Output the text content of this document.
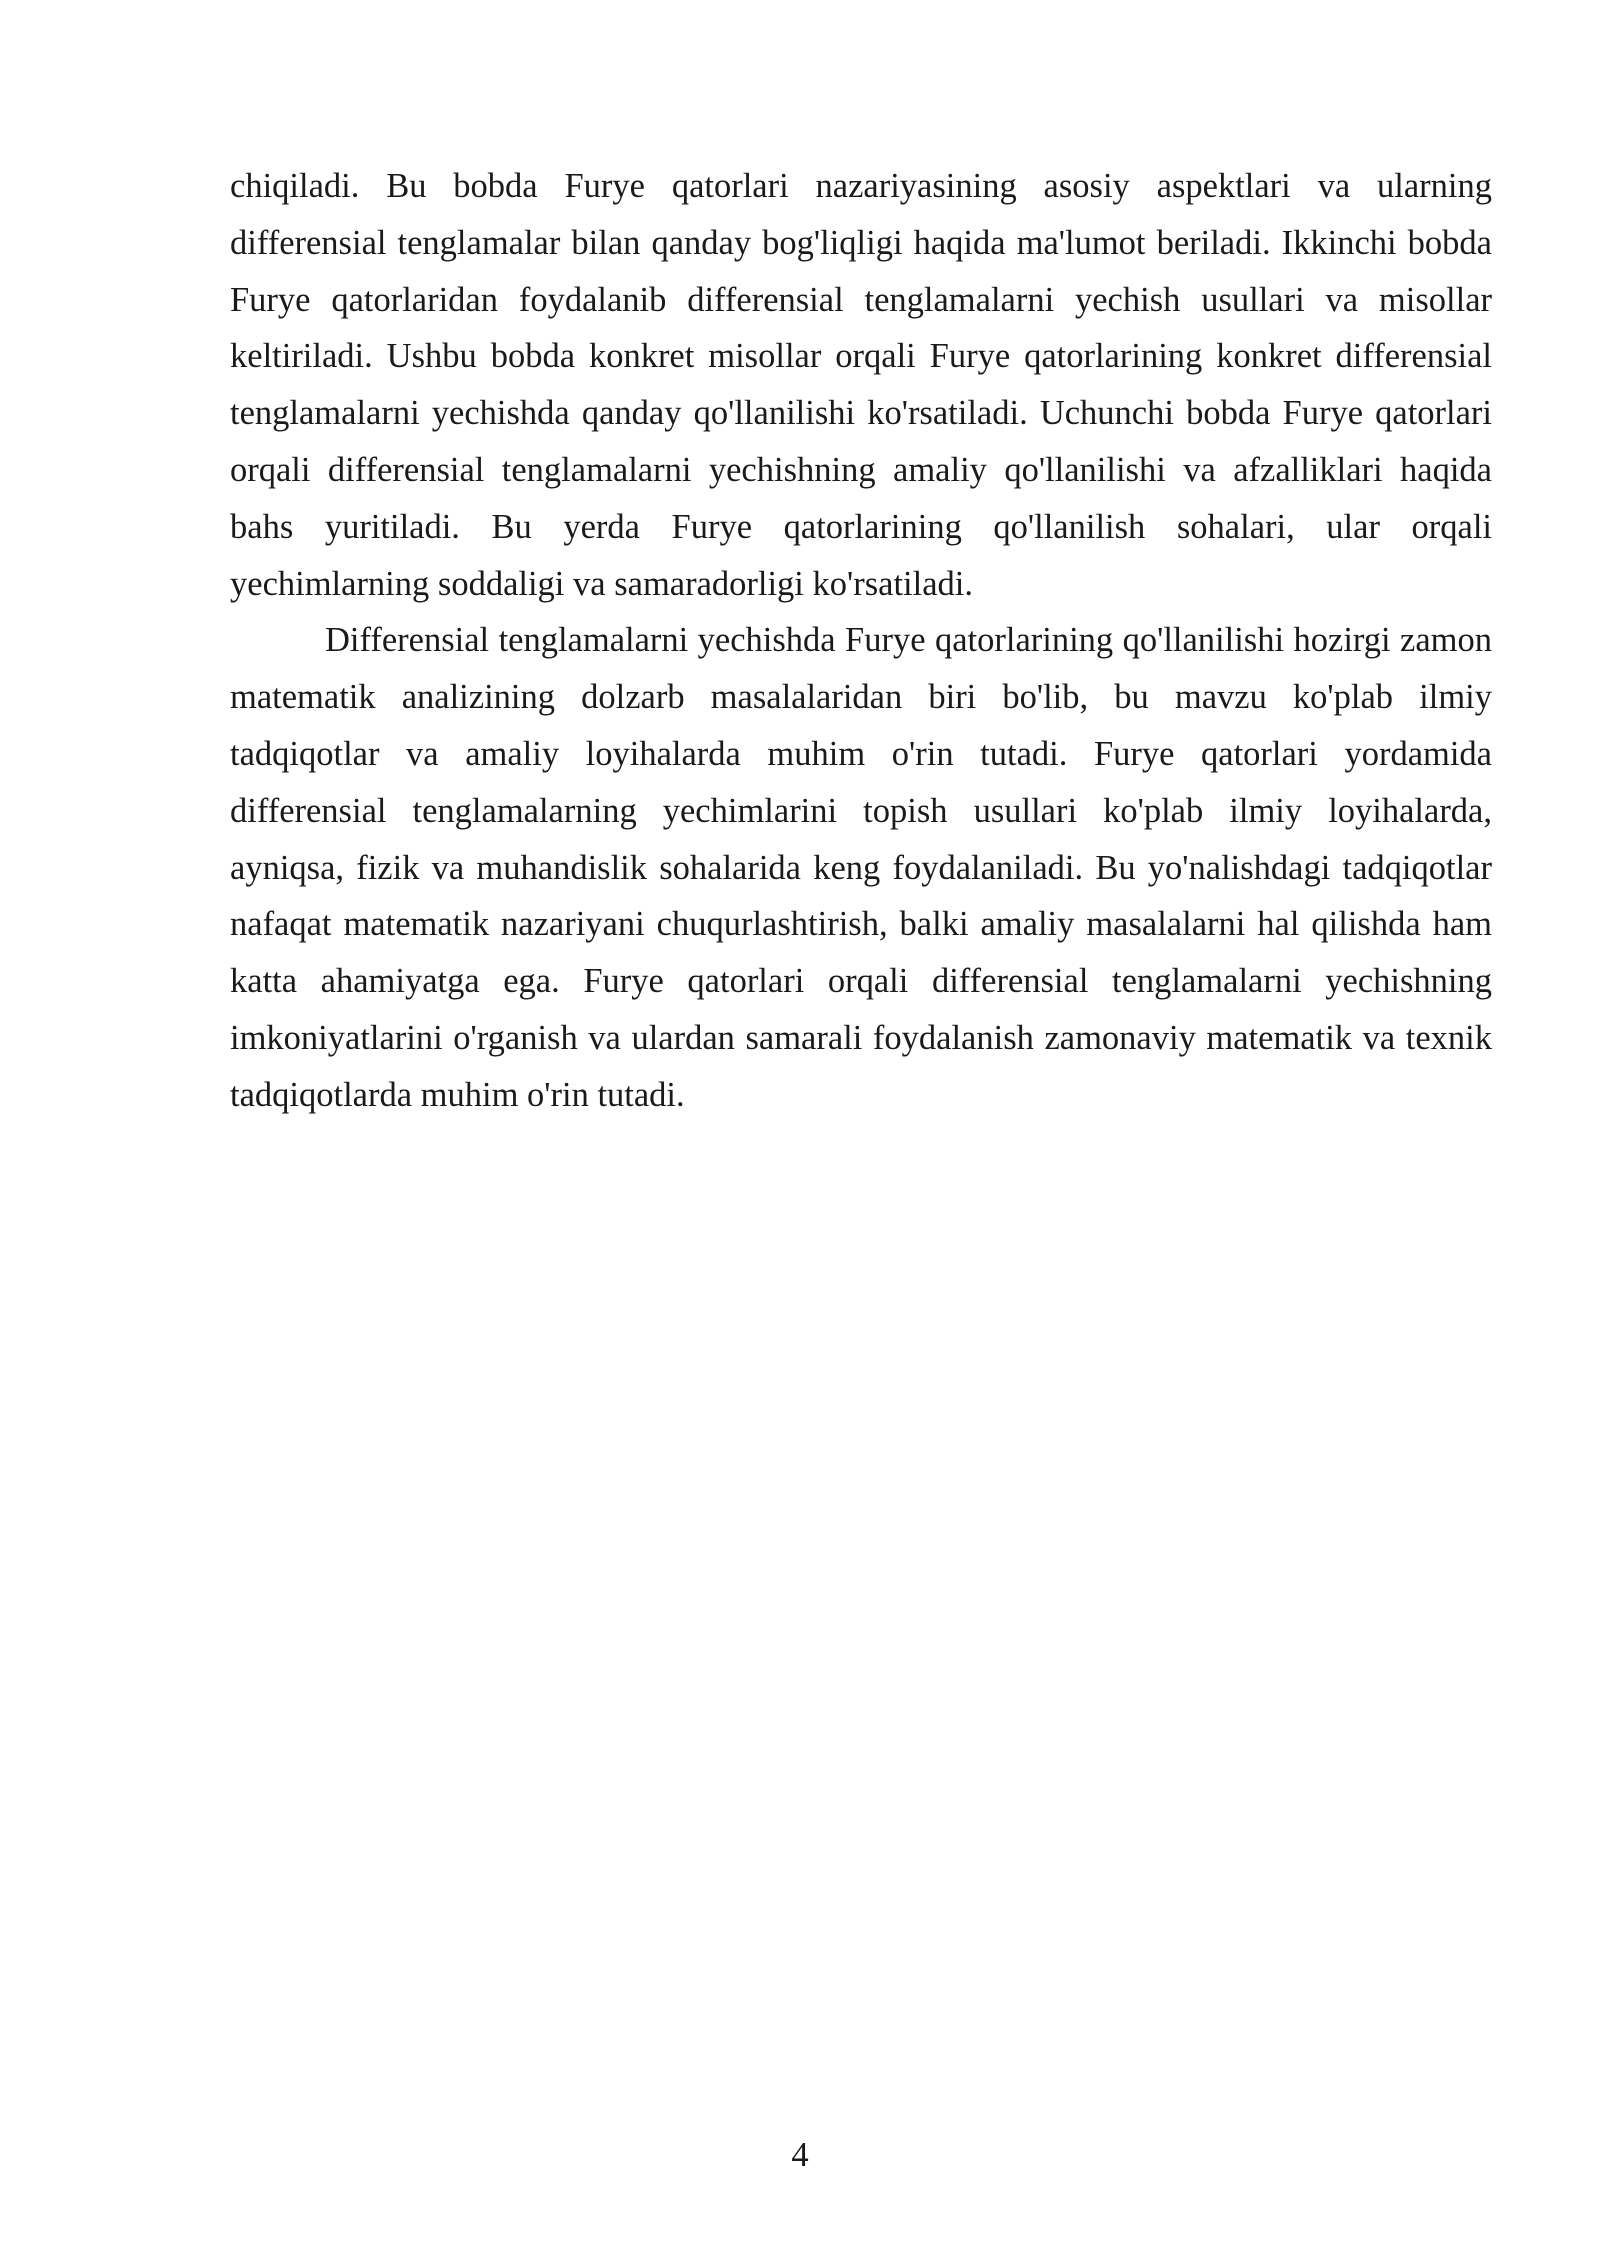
chiqiladi. Bu bobda Furye qatorlari nazariyasining asosiy aspektlari va ularning differensial tenglamalar bilan qanday bog'liqligi haqida ma'lumot beriladi. Ikkinchi bobda Furye qatorlaridan foydalanib differensial tenglamalarni yechish usullari va misollar keltiriladi. Ushbu bobda konkret misollar orqali Furye qatorlarining konkret differensial tenglamalarni yechishda qanday qo'llanilishi ko'rsatiladi. Uchunchi bobda Furye qatorlari orqali differensial tenglamalarni yechishning amaliy qo'llanilishi va afzalliklari haqida bahs yuritiladi. Bu yerda Furye qatorlarining qo'llanilish sohalari, ular orqali yechimlarning soddaligi va samaradorligi ko'rsatiladi.

Differensial tenglamalarni yechishda Furye qatorlarining qo'llanilishi hozirgi zamon matematik analizining dolzarb masalalaridan biri bo'lib, bu mavzu ko'plab ilmiy tadqiqotlar va amaliy loyihalarda muhim o'rin tutadi. Furye qatorlari yordamida differensial tenglamalarning yechimlarini topish usullari ko'plab ilmiy loyihalarda, ayniqsa, fizik va muhandislik sohalarida keng foydalaniladi. Bu yo'nalishdagi tadqiqotlar nafaqat matematik nazariyani chuqurlashtirish, balki amaliy masalalarni hal qilishda ham katta ahamiyatga ega. Furye qatorlari orqali differensial tenglamalarni yechishning imkoniyatlarini o'rganish va ulardan samarali foydalanish zamonaviy matematik va texnik tadqiqotlarda muhim o'rin tutadi.

4
